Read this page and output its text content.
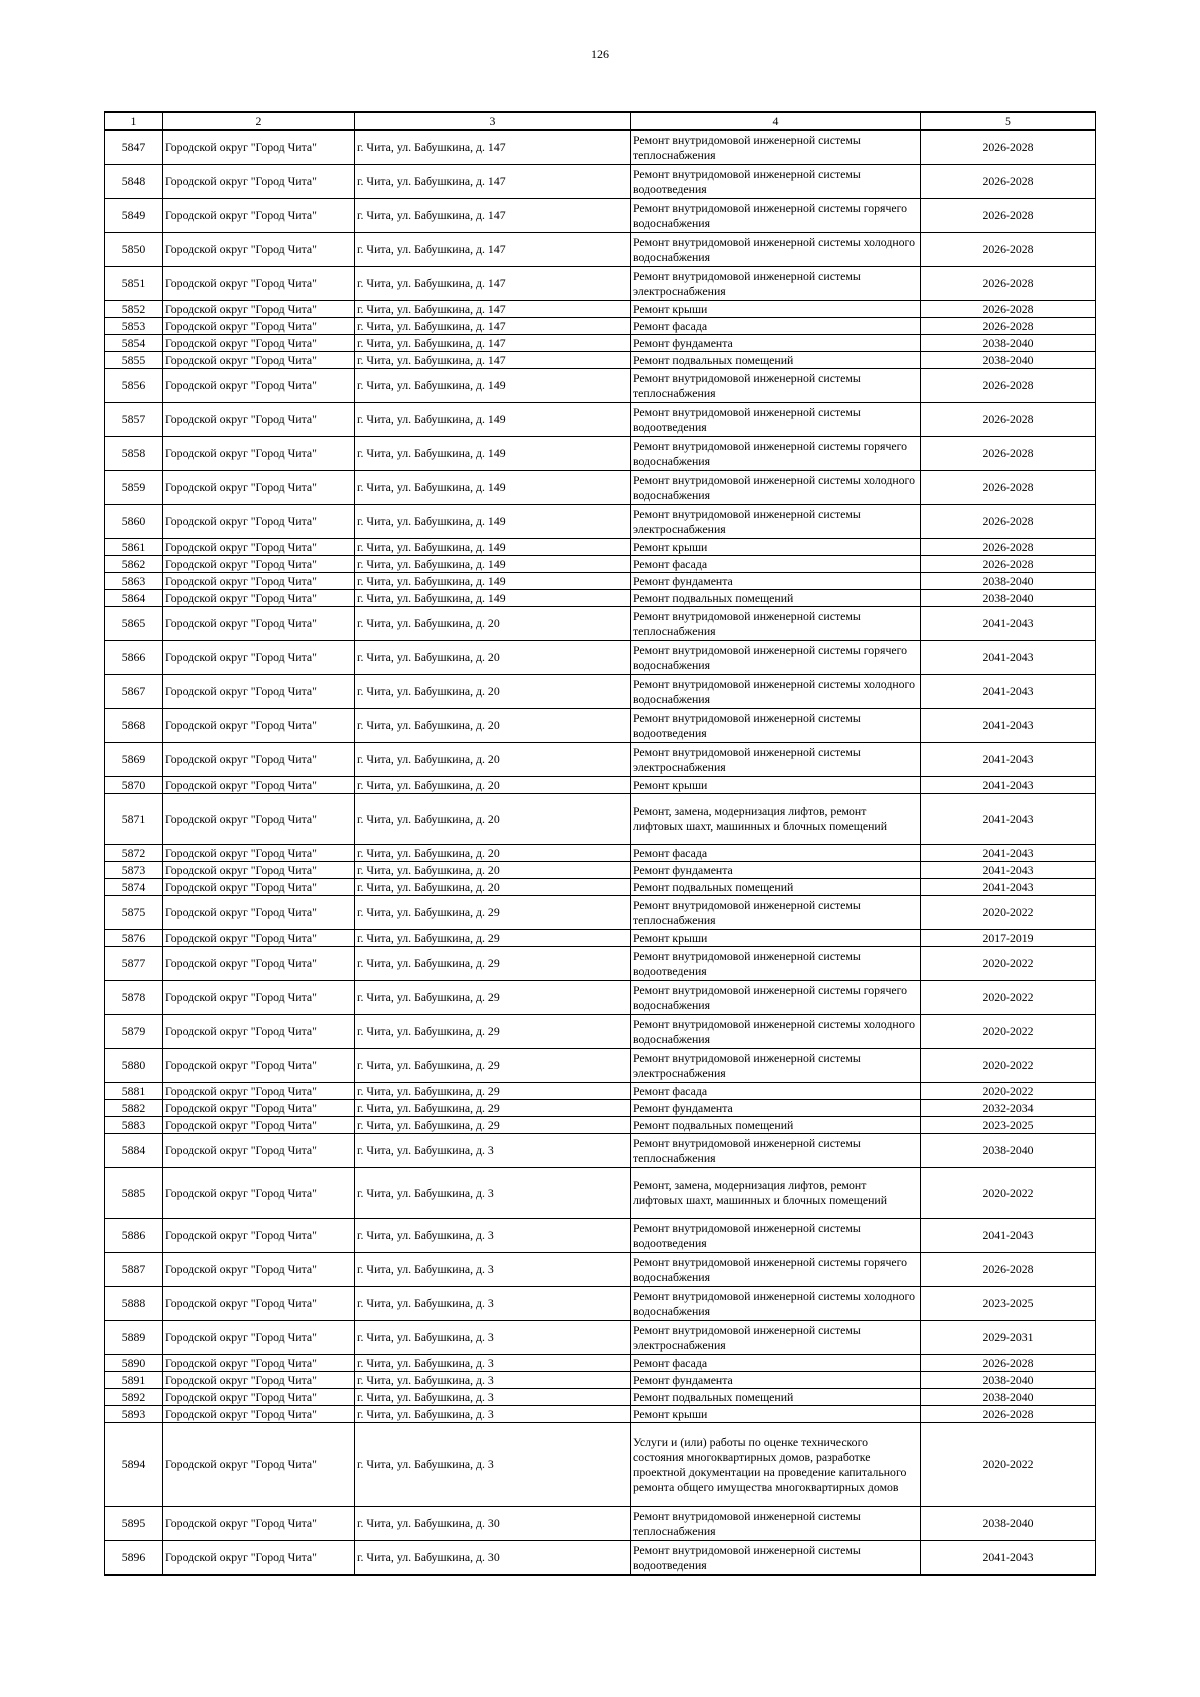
126
1	2	3	4	5
5847	Городской округ "Город Чита"	г. Чита, ул. Бабушкина, д. 147	Ремонт внутридомовой инженерной системы теплоснабжения	2026-2028
5848	Городской округ "Город Чита"	г. Чита, ул. Бабушкина, д. 147	Ремонт внутридомовой инженерной системы водоотведения	2026-2028
5849	Городской округ "Город Чита"	г. Чита, ул. Бабушкина, д. 147	Ремонт внутридомовой инженерной системы горячего водоснабжения	2026-2028
5850	Городской округ "Город Чита"	г. Чита, ул. Бабушкина, д. 147	Ремонт внутридомовой инженерной системы холодного водоснабжения	2026-2028
5851	Городской округ "Город Чита"	г. Чита, ул. Бабушкина, д. 147	Ремонт внутридомовой инженерной системы электроснабжения	2026-2028
5852	Городской округ "Город Чита"	г. Чита, ул. Бабушкина, д. 147	Ремонт крыши	2026-2028
5853	Городской округ "Город Чита"	г. Чита, ул. Бабушкина, д. 147	Ремонт фасада	2026-2028
5854	Городской округ "Город Чита"	г. Чита, ул. Бабушкина, д. 147	Ремонт фундамента	2038-2040
5855	Городской округ "Город Чита"	г. Чита, ул. Бабушкина, д. 147	Ремонт подвальных помещений	2038-2040
5856	Городской округ "Город Чита"	г. Чита, ул. Бабушкина, д. 149	Ремонт внутридомовой инженерной системы теплоснабжения	2026-2028
5857	Городской округ "Город Чита"	г. Чита, ул. Бабушкина, д. 149	Ремонт внутридомовой инженерной системы водоотведения	2026-2028
5858	Городской округ "Город Чита"	г. Чита, ул. Бабушкина, д. 149	Ремонт внутридомовой инженерной системы горячего водоснабжения	2026-2028
5859	Городской округ "Город Чита"	г. Чита, ул. Бабушкина, д. 149	Ремонт внутридомовой инженерной системы холодного водоснабжения	2026-2028
5860	Городской округ "Город Чита"	г. Чита, ул. Бабушкина, д. 149	Ремонт внутридомовой инженерной системы электроснабжения	2026-2028
5861	Городской округ "Город Чита"	г. Чита, ул. Бабушкина, д. 149	Ремонт крыши	2026-2028
5862	Городской округ "Город Чита"	г. Чита, ул. Бабушкина, д. 149	Ремонт фасада	2026-2028
5863	Городской округ "Город Чита"	г. Чита, ул. Бабушкина, д. 149	Ремонт фундамента	2038-2040
5864	Городской округ "Город Чита"	г. Чита, ул. Бабушкина, д. 149	Ремонт подвальных помещений	2038-2040
5865	Городской округ "Город Чита"	г. Чита, ул. Бабушкина, д. 20	Ремонт внутридомовой инженерной системы теплоснабжения	2041-2043
5866	Городской округ "Город Чита"	г. Чита, ул. Бабушкина, д. 20	Ремонт внутридомовой инженерной системы горячего водоснабжения	2041-2043
5867	Городской округ "Город Чита"	г. Чита, ул. Бабушкина, д. 20	Ремонт внутридомовой инженерной системы холодного водоснабжения	2041-2043
5868	Городской округ "Город Чита"	г. Чита, ул. Бабушкина, д. 20	Ремонт внутридомовой инженерной системы водоотведения	2041-2043
5869	Городской округ "Город Чита"	г. Чита, ул. Бабушкина, д. 20	Ремонт внутридомовой инженерной системы электроснабжения	2041-2043
5870	Городской округ "Город Чита"	г. Чита, ул. Бабушкина, д. 20	Ремонт крыши	2041-2043
5871	Городской округ "Город Чита"	г. Чита, ул. Бабушкина, д. 20	Ремонт, замена, модернизация лифтов, ремонт лифтовых шахт, машинных и блочных помещений	2041-2043
5872	Городской округ "Город Чита"	г. Чита, ул. Бабушкина, д. 20	Ремонт фасада	2041-2043
5873	Городской округ "Город Чита"	г. Чита, ул. Бабушкина, д. 20	Ремонт фундамента	2041-2043
5874	Городской округ "Город Чита"	г. Чита, ул. Бабушкина, д. 20	Ремонт подвальных помещений	2041-2043
5875	Городской округ "Город Чита"	г. Чита, ул. Бабушкина, д. 29	Ремонт внутридомовой инженерной системы теплоснабжения	2020-2022
5876	Городской округ "Город Чита"	г. Чита, ул. Бабушкина, д. 29	Ремонт крыши	2017-2019
5877	Городской округ "Город Чита"	г. Чита, ул. Бабушкина, д. 29	Ремонт внутридомовой инженерной системы водоотведения	2020-2022
5878	Городской округ "Город Чита"	г. Чита, ул. Бабушкина, д. 29	Ремонт внутридомовой инженерной системы горячего водоснабжения	2020-2022
5879	Городской округ "Город Чита"	г. Чита, ул. Бабушкина, д. 29	Ремонт внутридомовой инженерной системы холодного водоснабжения	2020-2022
5880	Городской округ "Город Чита"	г. Чита, ул. Бабушкина, д. 29	Ремонт внутридомовой инженерной системы электроснабжения	2020-2022
5881	Городской округ "Город Чита"	г. Чита, ул. Бабушкина, д. 29	Ремонт фасада	2020-2022
5882	Городской округ "Город Чита"	г. Чита, ул. Бабушкина, д. 29	Ремонт фундамента	2032-2034
5883	Городской округ "Город Чита"	г. Чита, ул. Бабушкина, д. 29	Ремонт подвальных помещений	2023-2025
5884	Городской округ "Город Чита"	г. Чита, ул. Бабушкина, д. 3	Ремонт внутридомовой инженерной системы теплоснабжения	2038-2040
5885	Городской округ "Город Чита"	г. Чита, ул. Бабушкина, д. 3	Ремонт, замена, модернизация лифтов, ремонт лифтовых шахт, машинных и блочных помещений	2020-2022
5886	Городской округ "Город Чита"	г. Чита, ул. Бабушкина, д. 3	Ремонт внутридомовой инженерной системы водоотведения	2041-2043
5887	Городской округ "Город Чита"	г. Чита, ул. Бабушкина, д. 3	Ремонт внутридомовой инженерной системы горячего водоснабжения	2026-2028
5888	Городской округ "Город Чита"	г. Чита, ул. Бабушкина, д. 3	Ремонт внутридомовой инженерной системы холодного водоснабжения	2023-2025
5889	Городской округ "Город Чита"	г. Чита, ул. Бабушкина, д. 3	Ремонт внутридомовой инженерной системы электроснабжения	2029-2031
5890	Городской округ "Город Чита"	г. Чита, ул. Бабушкина, д. 3	Ремонт фасада	2026-2028
5891	Городской округ "Город Чита"	г. Чита, ул. Бабушкина, д. 3	Ремонт фундамента	2038-2040
5892	Городской округ "Город Чита"	г. Чита, ул. Бабушкина, д. 3	Ремонт подвальных помещений	2038-2040
5893	Городской округ "Город Чита"	г. Чита, ул. Бабушкина, д. 3	Ремонт крыши	2026-2028
5894	Городской округ "Город Чита"	г. Чита, ул. Бабушкина, д. 3	Услуги и (или) работы по оценке технического состояния многоквартирных домов, разработке проектной документации на проведение капитального ремонта общего имущества многоквартирных домов	2020-2022
5895	Городской округ "Город Чита"	г. Чита, ул. Бабушкина, д. 30	Ремонт внутридомовой инженерной системы теплоснабжения	2038-2040
5896	Городской округ "Город Чита"	г. Чита, ул. Бабушкина, д. 30	Ремонт внутридомовой инженерной системы водоотведения	2041-2043
